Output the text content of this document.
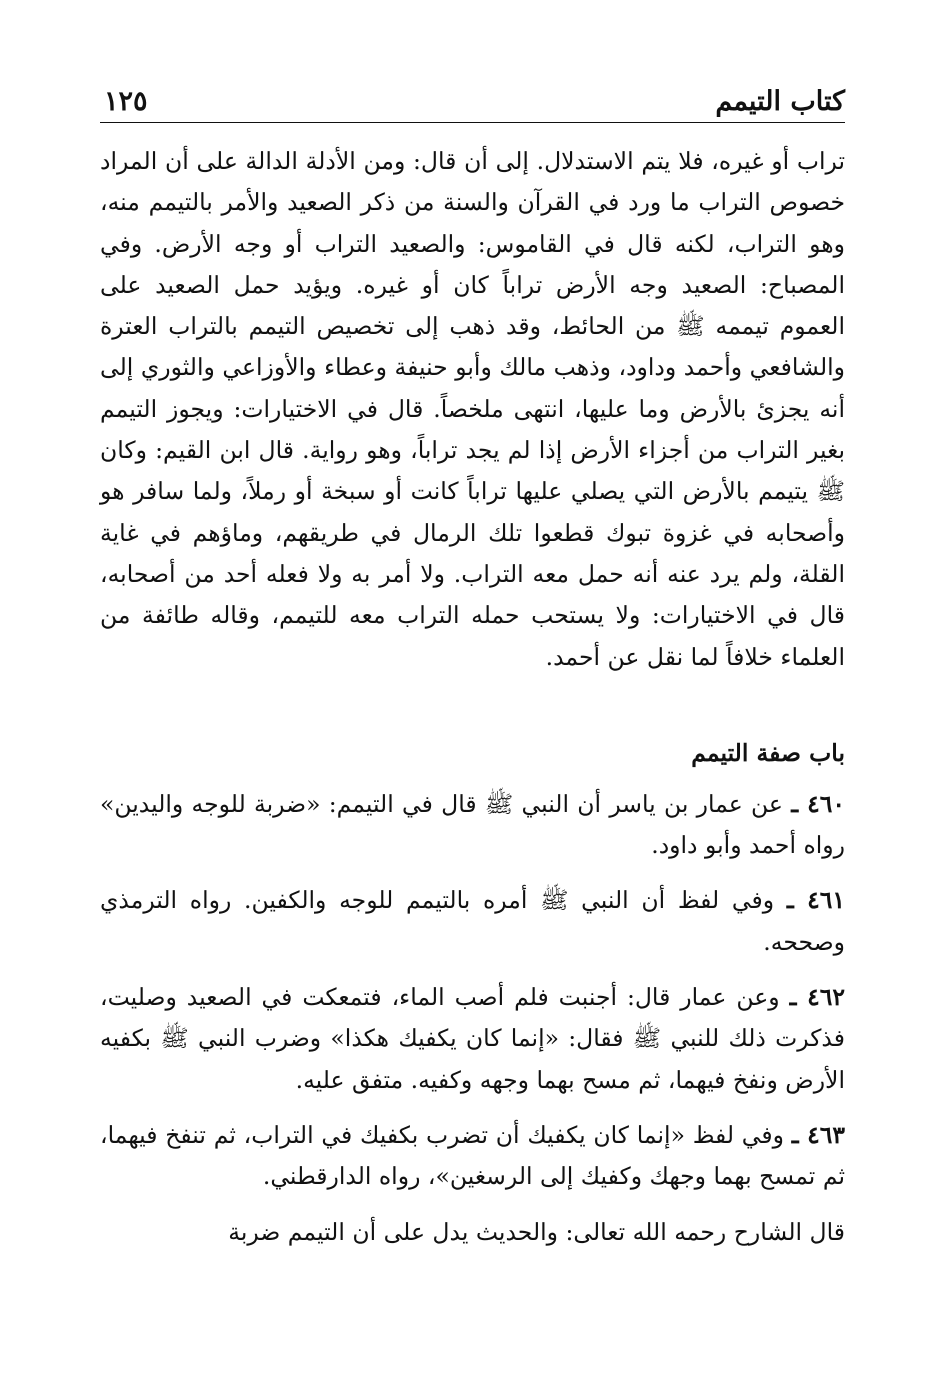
كتاب التيمم
١٢٥

تراب أو غيره، فلا يتم الاستدلال. إلى أن قال: ومن الأدلة الدالة على أن المراد خصوص التراب ما ورد في القرآن والسنة من ذكر الصعيد والأمر بالتيمم منه، وهو التراب، لكنه قال في القاموس: والصعيد التراب أو وجه الأرض. وفي المصباح: الصعيد وجه الأرض تراباً كان أو غيره. ويؤيد حمل الصعيد على العموم تيممه ﷺ من الحائط، وقد ذهب إلى تخصيص التيمم بالتراب العترة والشافعي وأحمد وداود، وذهب مالك وأبو حنيفة وعطاء والأوزاعي والثوري إلى أنه يجزئ بالأرض وما عليها، انتهى ملخصاً. قال في الاختيارات: ويجوز التيمم بغير التراب من أجزاء الأرض إذا لم يجد تراباً، وهو رواية. قال ابن القيم: وكان ﷺ يتيمم بالأرض التي يصلي عليها تراباً كانت أو سبخة أو رملاً، ولما سافر هو وأصحابه في غزوة تبوك قطعوا تلك الرمال في طريقهم، وماؤهم في غاية القلة، ولم يرد عنه أنه حمل معه التراب. ولا أمر به ولا فعله أحد من أصحابه، قال في الاختيارات: ولا يستحب حمله التراب معه للتيمم، وقاله طائفة من العلماء خلافاً لما نقل عن أحمد.

باب صفة التيمم

٤٦٠ ـ عن عمار بن ياسر أن النبي ﷺ قال في التيمم: «ضربة للوجه واليدين» رواه أحمد وأبو داود.

٤٦١ ـ وفي لفظ أن النبي ﷺ أمره بالتيمم للوجه والكفين. رواه الترمذي وصححه.

٤٦٢ ـ وعن عمار قال: أجنبت فلم أصب الماء، فتمعكت في الصعيد وصليت، فذكرت ذلك للنبي ﷺ فقال: «إنما كان يكفيك هكذا» وضرب النبي ﷺ بكفيه الأرض ونفخ فيهما، ثم مسح بهما وجهه وكفيه. متفق عليه.

٤٦٣ ـ وفي لفظ «إنما كان يكفيك أن تضرب بكفيك في التراب، ثم تنفخ فيهما، ثم تمسح بهما وجهك وكفيك إلى الرسغين»، رواه الدارقطني.

قال الشارح رحمه الله تعالى: والحديث يدل على أن التيمم ضربة
